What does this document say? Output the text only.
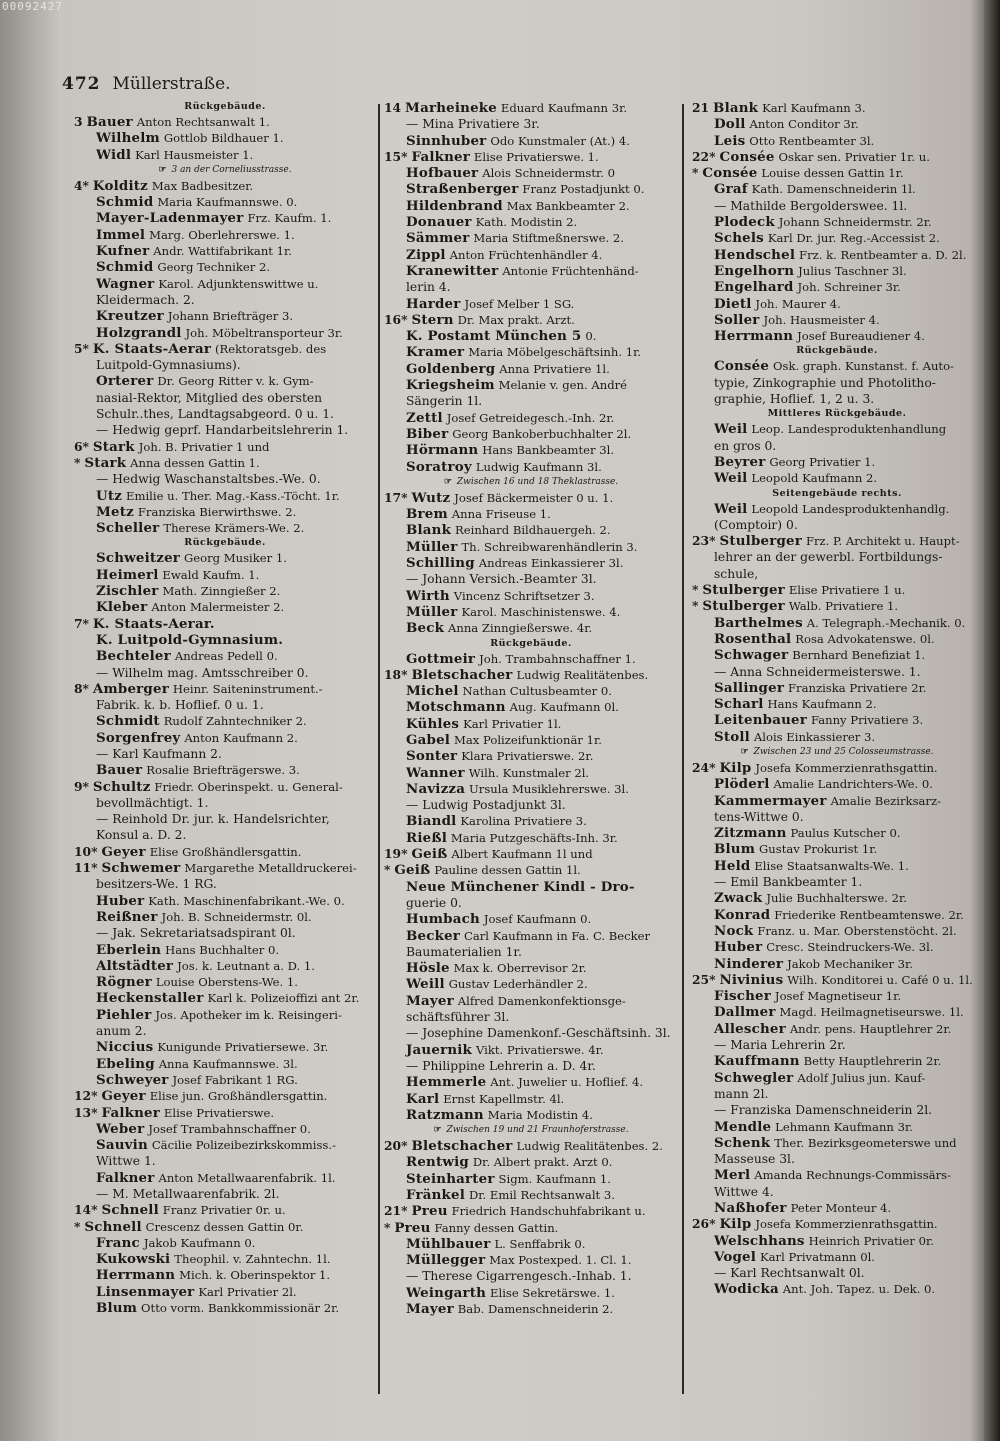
00092427
472 Müllerstraße.
Rückgebäude.
3 Bauer Anton Rechtsanwalt 1.
Wilhelm Gottlob Bildhauer 1.
Widl Karl Hausmeister 1.
☞ 3 an der Corneliusstrasse.
4* Kolditz Max Badbesitzer.
Schmid Maria Kaufmannswe. 0.
Mayer-Ladenmayer Frz. Kaufm. 1.
Immel Marg. Oberlehrerswe. 1.
Kufner Andr. Wattifabrikant 1r.
Schmid Georg Techniker 2.
Wagner Karol. Adjunktenswittwe u.
Kleidermach. 2.
Kreutzer Johann Briefträger 3.
Holzgrandl Joh. Möbeltransporteur 3r.
5* K. Staats-Aerar (Rektoratsgeb. des
Luitpold-Gymnasiums).
Orterer Dr. Georg Ritter v. k. Gym-
nasial-Rektor, Mitglied des obersten
Schulr..thes, Landtagsabgeord. 0 u. 1.
— Hedwig geprf. Handarbeitslehrerin 1.
6* Stark Joh. B. Privatier 1 und
* Stark Anna dessen Gattin 1.
— Hedwig Waschanstaltsbes.-We. 0.
Utz Emilie u. Ther. Mag.-Kass.-Töcht. 1r.
Metz Franziska Bierwirthswe. 2.
Scheller Therese Krämers-We. 2.
Rückgebäude.
Schweitzer Georg Musiker 1.
Heimerl Ewald Kaufm. 1.
Zischler Math. Zinngießer 2.
Kleber Anton Malermeister 2.
7* K. Staats-Aerar.
K. Luitpold-Gymnasium.
Bechteler Andreas Pedell 0.
— Wilhelm mag. Amtsschreiber 0.
8* Amberger Heinr. Saiteninstrument.-
Fabrik. k. b. Hoflief. 0 u. 1.
Schmidt Rudolf Zahntechniker 2.
Sorgenfrey Anton Kaufmann 2.
— Karl Kaufmann 2.
Bauer Rosalie Briefträgerswe. 3.
9* Schultz Friedr. Oberinspekt. u. General-
bevollmächtigt. 1.
— Reinhold Dr. jur. k. Handelsrichter,
Konsul a. D. 2.
10* Geyer Elise Großhändlersgattin.
11* Schwemer Margarethe Metalldruckerei-
besitzers-We. 1 RG.
Huber Kath. Maschinenfabrikant.-We. 0.
Reißner Joh. B. Schneidermstr. 0l.
— Jak. Sekretariatsadspirant 0l.
Eberlein Hans Buchhalter 0.
Altstädter Jos. k. Leutnant a. D. 1.
Rögner Louise Oberstens-We. 1.
Heckenstaller Karl k. Polizeioffizi ant 2r.
Piehler Jos. Apotheker im k. Reisingeri-
anum 2.
Niccius Kunigunde Privatiersewe. 3r.
Ebeling Anna Kaufmannswe. 3l.
Schweyer Josef Fabrikant 1 RG.
12* Geyer Elise jun. Großhändlersgattin.
13* Falkner Elise Privatierswe.
Weber Josef Trambahnschaffner 0.
Sauvin Cäcilie Polizeibezirkskommiss.-
Wittwe 1.
Falkner Anton Metallwaarenfabrik. 1l.
— M. Metallwaarenfabrik. 2l.
14* Schnell Franz Privatier 0r. u.
* Schnell Crescenz dessen Gattin 0r.
Franc Jakob Kaufmann 0.
Kukowski Theophil. v. Zahntechn. 1l.
Herrmann Mich. k. Oberinspektor 1.
Linsenmayer Karl Privatier 2l.
Blum Otto vorm. Bankkommissionär 2r.
14 Marheineke Eduard Kaufmann 3r.
— Mina Privatiere 3r.
Sinnhuber Odo Kunstmaler (At.) 4.
15* Falkner Elise Privatierswe. 1.
Hofbauer Alois Schneidermstr. 0
Straßenberger Franz Postadjunkt 0.
Hildenbrand Max Bankbeamter 2.
Donauer Kath. Modistin 2.
Sämmer Maria Stiftmeßnerswe. 2.
Zippl Anton Früchtenhändler 4.
Kranewitter Antonie Früchtenhänd-
lerin 4.
Harder Josef Melber 1 SG.
16* Stern Dr. Max prakt. Arzt.
K. Postamt München 5 0.
Kramer Maria Möbelgeschäftsinh. 1r.
Goldenberg Anna Privatiere 1l.
Kriegsheim Melanie v. gen. André
Sängerin 1l.
Zettl Josef Getreidegesch.-Inh. 2r.
Biber Georg Bankoberbuchhalter 2l.
Hörmann Hans Bankbeamter 3l.
Soratroy Ludwig Kaufmann 3l.
☞ Zwischen 16 und 18 Theklastrasse.
17* Wutz Josef Bäckermeister 0 u. 1.
Brem Anna Friseuse 1.
Blank Reinhard Bildhauergeh. 2.
Müller Th. Schreibwarenhändlerin 3.
Schilling Andreas Einkassierer 3l.
— Johann Versich.-Beamter 3l.
Wirth Vincenz Schriftsetzer 3.
Müller Karol. Maschinistenswe. 4.
Beck Anna Zinngießerswe. 4r.
Rückgebäude.
Gottmeir Joh. Trambahnschaffner 1.
18* Bletschacher Ludwig Realitätenbes.
Michel Nathan Cultusbeamter 0.
Motschmann Aug. Kaufmann 0l.
Kühles Karl Privatier 1l.
Gabel Max Polizeifunktionär 1r.
Sonter Klara Privatierswe. 2r.
Wanner Wilh. Kunstmaler 2l.
Navizza Ursula Musiklehrerswe. 3l.
— Ludwig Postadjunkt 3l.
Biandl Karolina Privatiere 3.
Rießl Maria Putzgeschäfts-Inh. 3r.
19* Geiß Albert Kaufmann 1l und
* Geiß Pauline dessen Gattin 1l.
Neue Münchener Kindl - Dro-
guerie 0.
Humbach Josef Kaufmann 0.
Becker Carl Kaufmann in Fa. C. Becker
Baumaterialien 1r.
Hösle Max k. Oberrevisor 2r.
Weill Gustav Lederhändler 2.
Mayer Alfred Damenkonfektionsge-
schäftsführer 3l.
— Josephine Damenkonf.-Geschäftsinh. 3l.
Jauernik Vikt. Privatierswe. 4r.
— Philippine Lehrerin a. D. 4r.
Hemmerle Ant. Juwelier u. Hoflief. 4.
Karl Ernst Kapellmstr. 4l.
Ratzmann Maria Modistin 4.
☞ Zwischen 19 und 21 Fraunhoferstrasse.
20* Bletschacher Ludwig Realitätenbes. 2.
Rentwig Dr. Albert prakt. Arzt 0.
Steinharter Sigm. Kaufmann 1.
Fränkel Dr. Emil Rechtsanwalt 3.
21* Preu Friedrich Handschuhfabrikant u.
* Preu Fanny dessen Gattin.
Mühlbauer L. Senffabrik 0.
Müllegger Max Postexped. 1. Cl. 1.
— Therese Cigarrengesch.-Inhab. 1.
Weingarth Elise Sekretärswe. 1.
Mayer Bab. Damenschneiderin 2.
21 Blank Karl Kaufmann 3.
Doll Anton Conditor 3r.
Leis Otto Rentbeamter 3l.
22* Consée Oskar sen. Privatier 1r. u.
* Consée Louise dessen Gattin 1r.
Graf Kath. Damenschneiderin 1l.
— Mathilde Bergoldersweе. 1l.
Plodeck Johann Schneidermstr. 2r.
Schels Karl Dr. jur. Reg.-Accessist 2.
Hendschel Frz. k. Rentbeamter a. D. 2l.
Engelhorn Julius Taschner 3l.
Engelhard Joh. Schreiner 3r.
Dietl Joh. Maurer 4.
Soller Joh. Hausmeister 4.
Herrmann Josef Bureaudiener 4.
Rückgebäude.
Consée Osk. graph. Kunstanst. f. Auto-
typie, Zinkographie und Photolitho-
graphie, Hoflief. 1, 2 u. 3.
Mittleres Rückgebäude.
Weil Leop. Landesproduktenhandlung
en gros 0.
Beyrer Georg Privatier 1.
Weil Leopold Kaufmann 2.
Seitengebäude rechts.
Weil Leopold Landesproduktenhandlg.
(Comptoir) 0.
23* Stulberger Frz. P. Architekt u. Haupt-
lehrer an der gewerbl. Fortbildungs-
schule,
* Stulberger Elise Privatiere 1 u.
* Stulberger Walb. Privatiere 1.
Barthelmes A. Telegraph.-Mechanik. 0.
Rosenthal Rosa Advokatenswe. 0l.
Schwager Bernhard Benefiziat 1.
— Anna Schneidermeisterswe. 1.
Sallinger Franziska Privatiere 2r.
Scharl Hans Kaufmann 2.
Leitenbauer Fanny Privatiere 3.
Stoll Alois Einkassierer 3.
☞ Zwischen 23 und 25 Colosseumstrasse.
24* Kilp Josefa Kommerzienrathsgattin.
Plöderl Amalie Landrichters-We. 0.
Kammermayer Amalie Bezirksarz-
tens-Wittwe 0.
Zitzmann Paulus Kutscher 0.
Blum Gustav Prokurist 1r.
Held Elise Staatsanwalts-We. 1.
— Emil Bankbeamter 1.
Zwack Julie Buchhalterswe. 2r.
Konrad Friederike Rentbeamtenswe. 2r.
Nock Franz. u. Mar. Oberstenstöcht. 2l.
Huber Cresc. Steindruckers-We. 3l.
Ninderer Jakob Mechaniker 3r.
25* Nivinius Wilh. Konditorei u. Café 0 u. 1l.
Fischer Josef Magnetiseur 1r.
Dallmer Magd. Heilmagnetiseurswe. 1l.
Allescher Andr. pens. Hauptlehrer 2r.
— Maria Lehrerin 2r.
Kauffmann Betty Hauptlehrerin 2r.
Schwegler Adolf Julius jun. Kauf-
mann 2l.
— Franziska Damenschneiderin 2l.
Mendle Lehmann Kaufmann 3r.
Schenk Ther. Bezirksgeometerswe und
Masseuse 3l.
Merl Amanda Rechnungs-Commissärs-
Wittwe 4.
Naßhofer Peter Monteur 4.
26* Kilp Josefa Kommerzienrathsgattin.
Welschhans Heinrich Privatier 0r.
Vogel Karl Privatmann 0l.
— Karl Rechtsanwalt 0l.
Wodicka Ant. Joh. Tapez. u. Dek. 0.
